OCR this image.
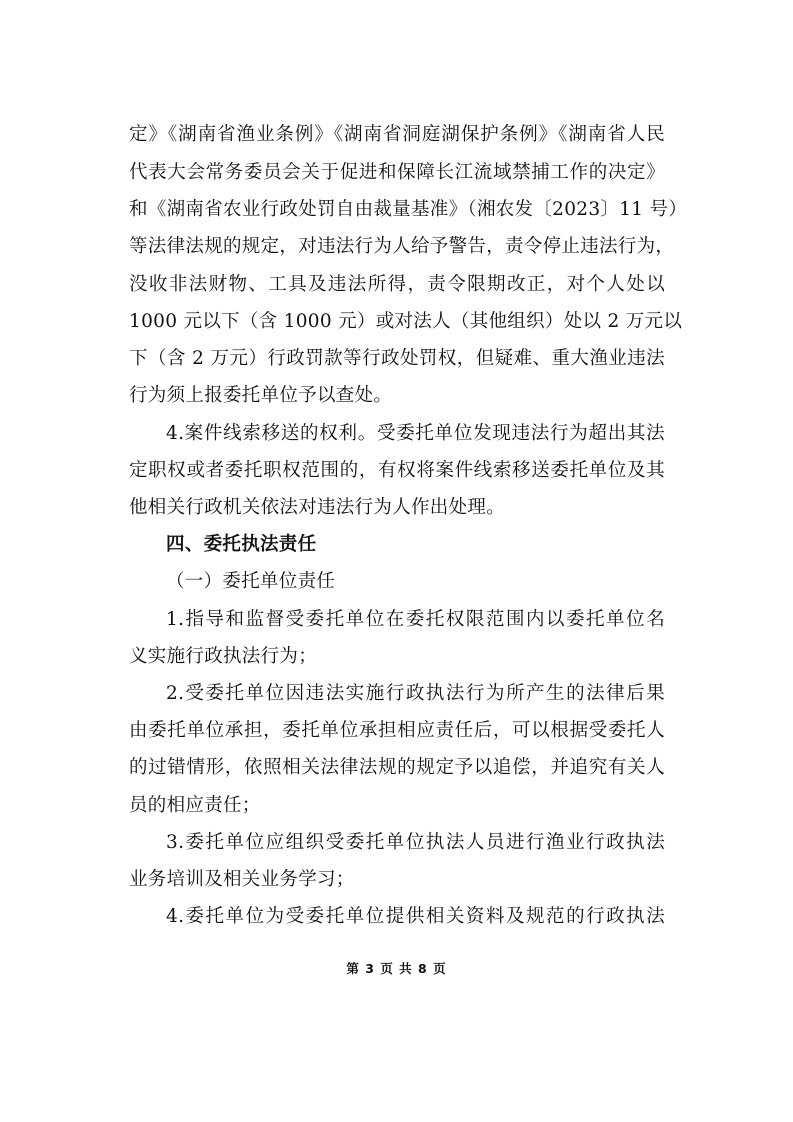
定》《湖南省渔业条例》《湖南省洞庭湖保护条例》《湖南省人民
代表大会常务委员会关于促进和保障长江流域禁捕工作的决定》
和《湖南省农业行政处罚自由裁量基准》（湘农发〔2023〕11 号）
等法律法规的规定，对违法行为人给予警告，责令停止违法行为，
没收非法财物、工具及违法所得，责令限期改正，对个人处以
1000 元以下（含 1000 元）或对法人（其他组织）处以 2 万元以
下（含 2 万元）行政罚款等行政处罚权，但疑难、重大渔业违法
行为须上报委托单位予以查处。
4.案件线索移送的权利。受委托单位发现违法行为超出其法
定职权或者委托职权范围的，有权将案件线索移送委托单位及其
他相关行政机关依法对违法行为人作出处理。
四、委托执法责任
（一）委托单位责任
1.指导和监督受委托单位在委托权限范围内以委托单位名
义实施行政执法行为；
2.受委托单位因违法实施行政执法行为所产生的法律后果
由委托单位承担，委托单位承担相应责任后，可以根据受委托人
的过错情形，依照相关法律法规的规定予以追偿，并追究有关人
员的相应责任；
3.委托单位应组织受委托单位执法人员进行渔业行政执法
业务培训及相关业务学习；
4.委托单位为受委托单位提供相关资料及规范的行政执法
第 3 页 共 8 页
